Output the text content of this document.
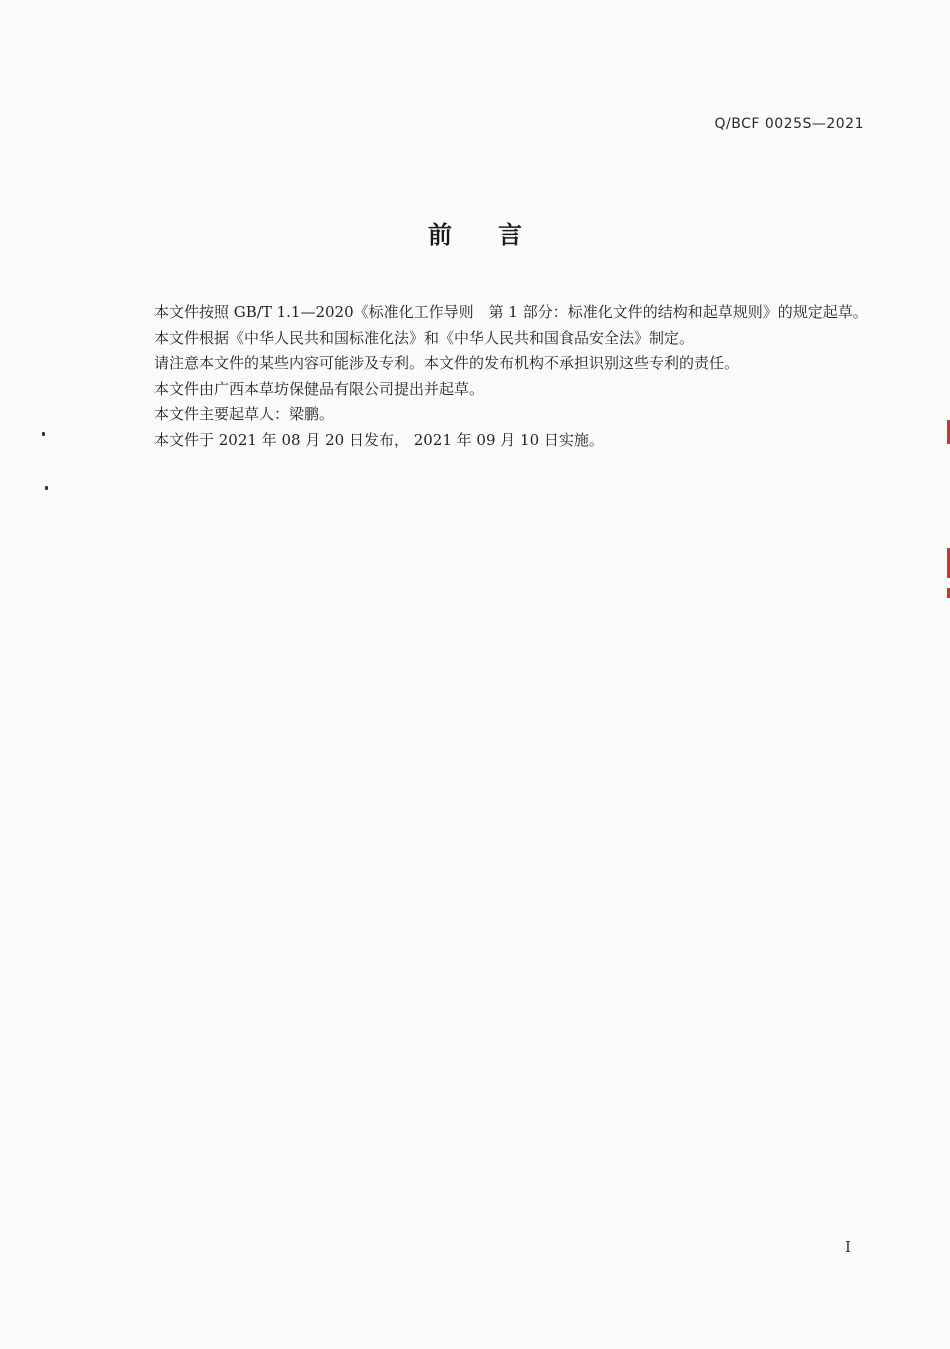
Q/BCF 0025S—2021
前言

本文件按照 GB/T 1.1—2020《标准化工作导则　第 1 部分：标准化文件的结构和起草规则》的规定起草。

本文件根据《中华人民共和国标准化法》和《中华人民共和国食品安全法》制定。

请注意本文件的某些内容可能涉及专利。本文件的发布机构不承担识别这些专利的责任。

本文件由广西本草坊保健品有限公司提出并起草。

本文件主要起草人：梁鹏。

本文件于 2021 年 08 月 20 日发布， 2021 年 09 月 10 日实施。

I
